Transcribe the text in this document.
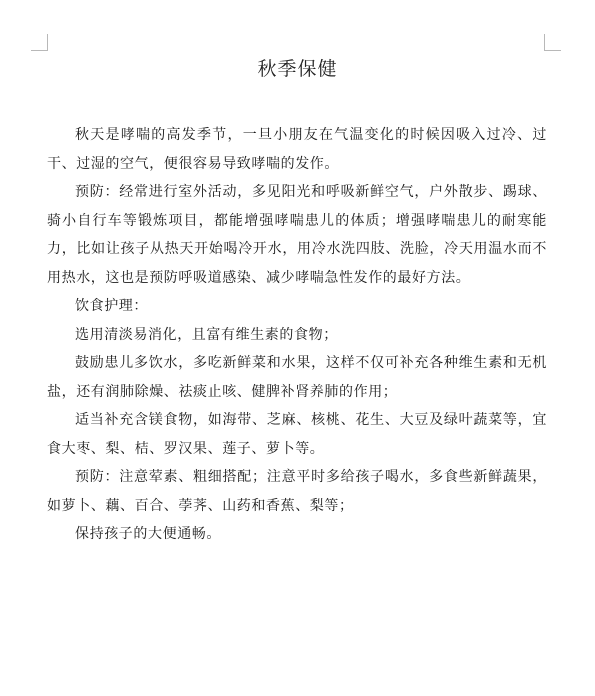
秋季保健

秋天是哮喘的高发季节，一旦小朋友在气温变化的时候因吸入过冷、过干、过湿的空气，便很容易导致哮喘的发作。

预防：经常进行室外活动，多见阳光和呼吸新鲜空气，户外散步、踢球、骑小自行车等锻炼项目，都能增强哮喘患儿的体质；增强哮喘患儿的耐寒能力，比如让孩子从热天开始喝冷开水，用冷水洗四肢、洗脸，冷天用温水而不用热水，这也是预防呼吸道感染、减少哮喘急性发作的最好方法。

饮食护理：

选用清淡易消化，且富有维生素的食物；

鼓励患儿多饮水，多吃新鲜菜和水果，这样不仅可补充各种维生素和无机盐，还有润肺除燥、祛痰止咳、健脾补肾养肺的作用；

适当补充含镁食物，如海带、芝麻、核桃、花生、大豆及绿叶蔬菜等，宜食大枣、梨、桔、罗汉果、莲子、萝卜等。

预防：注意荤素、粗细搭配；注意平时多给孩子喝水，多食些新鲜蔬果，如萝卜、藕、百合、荸荠、山药和香蕉、梨等；

保持孩子的大便通畅。
